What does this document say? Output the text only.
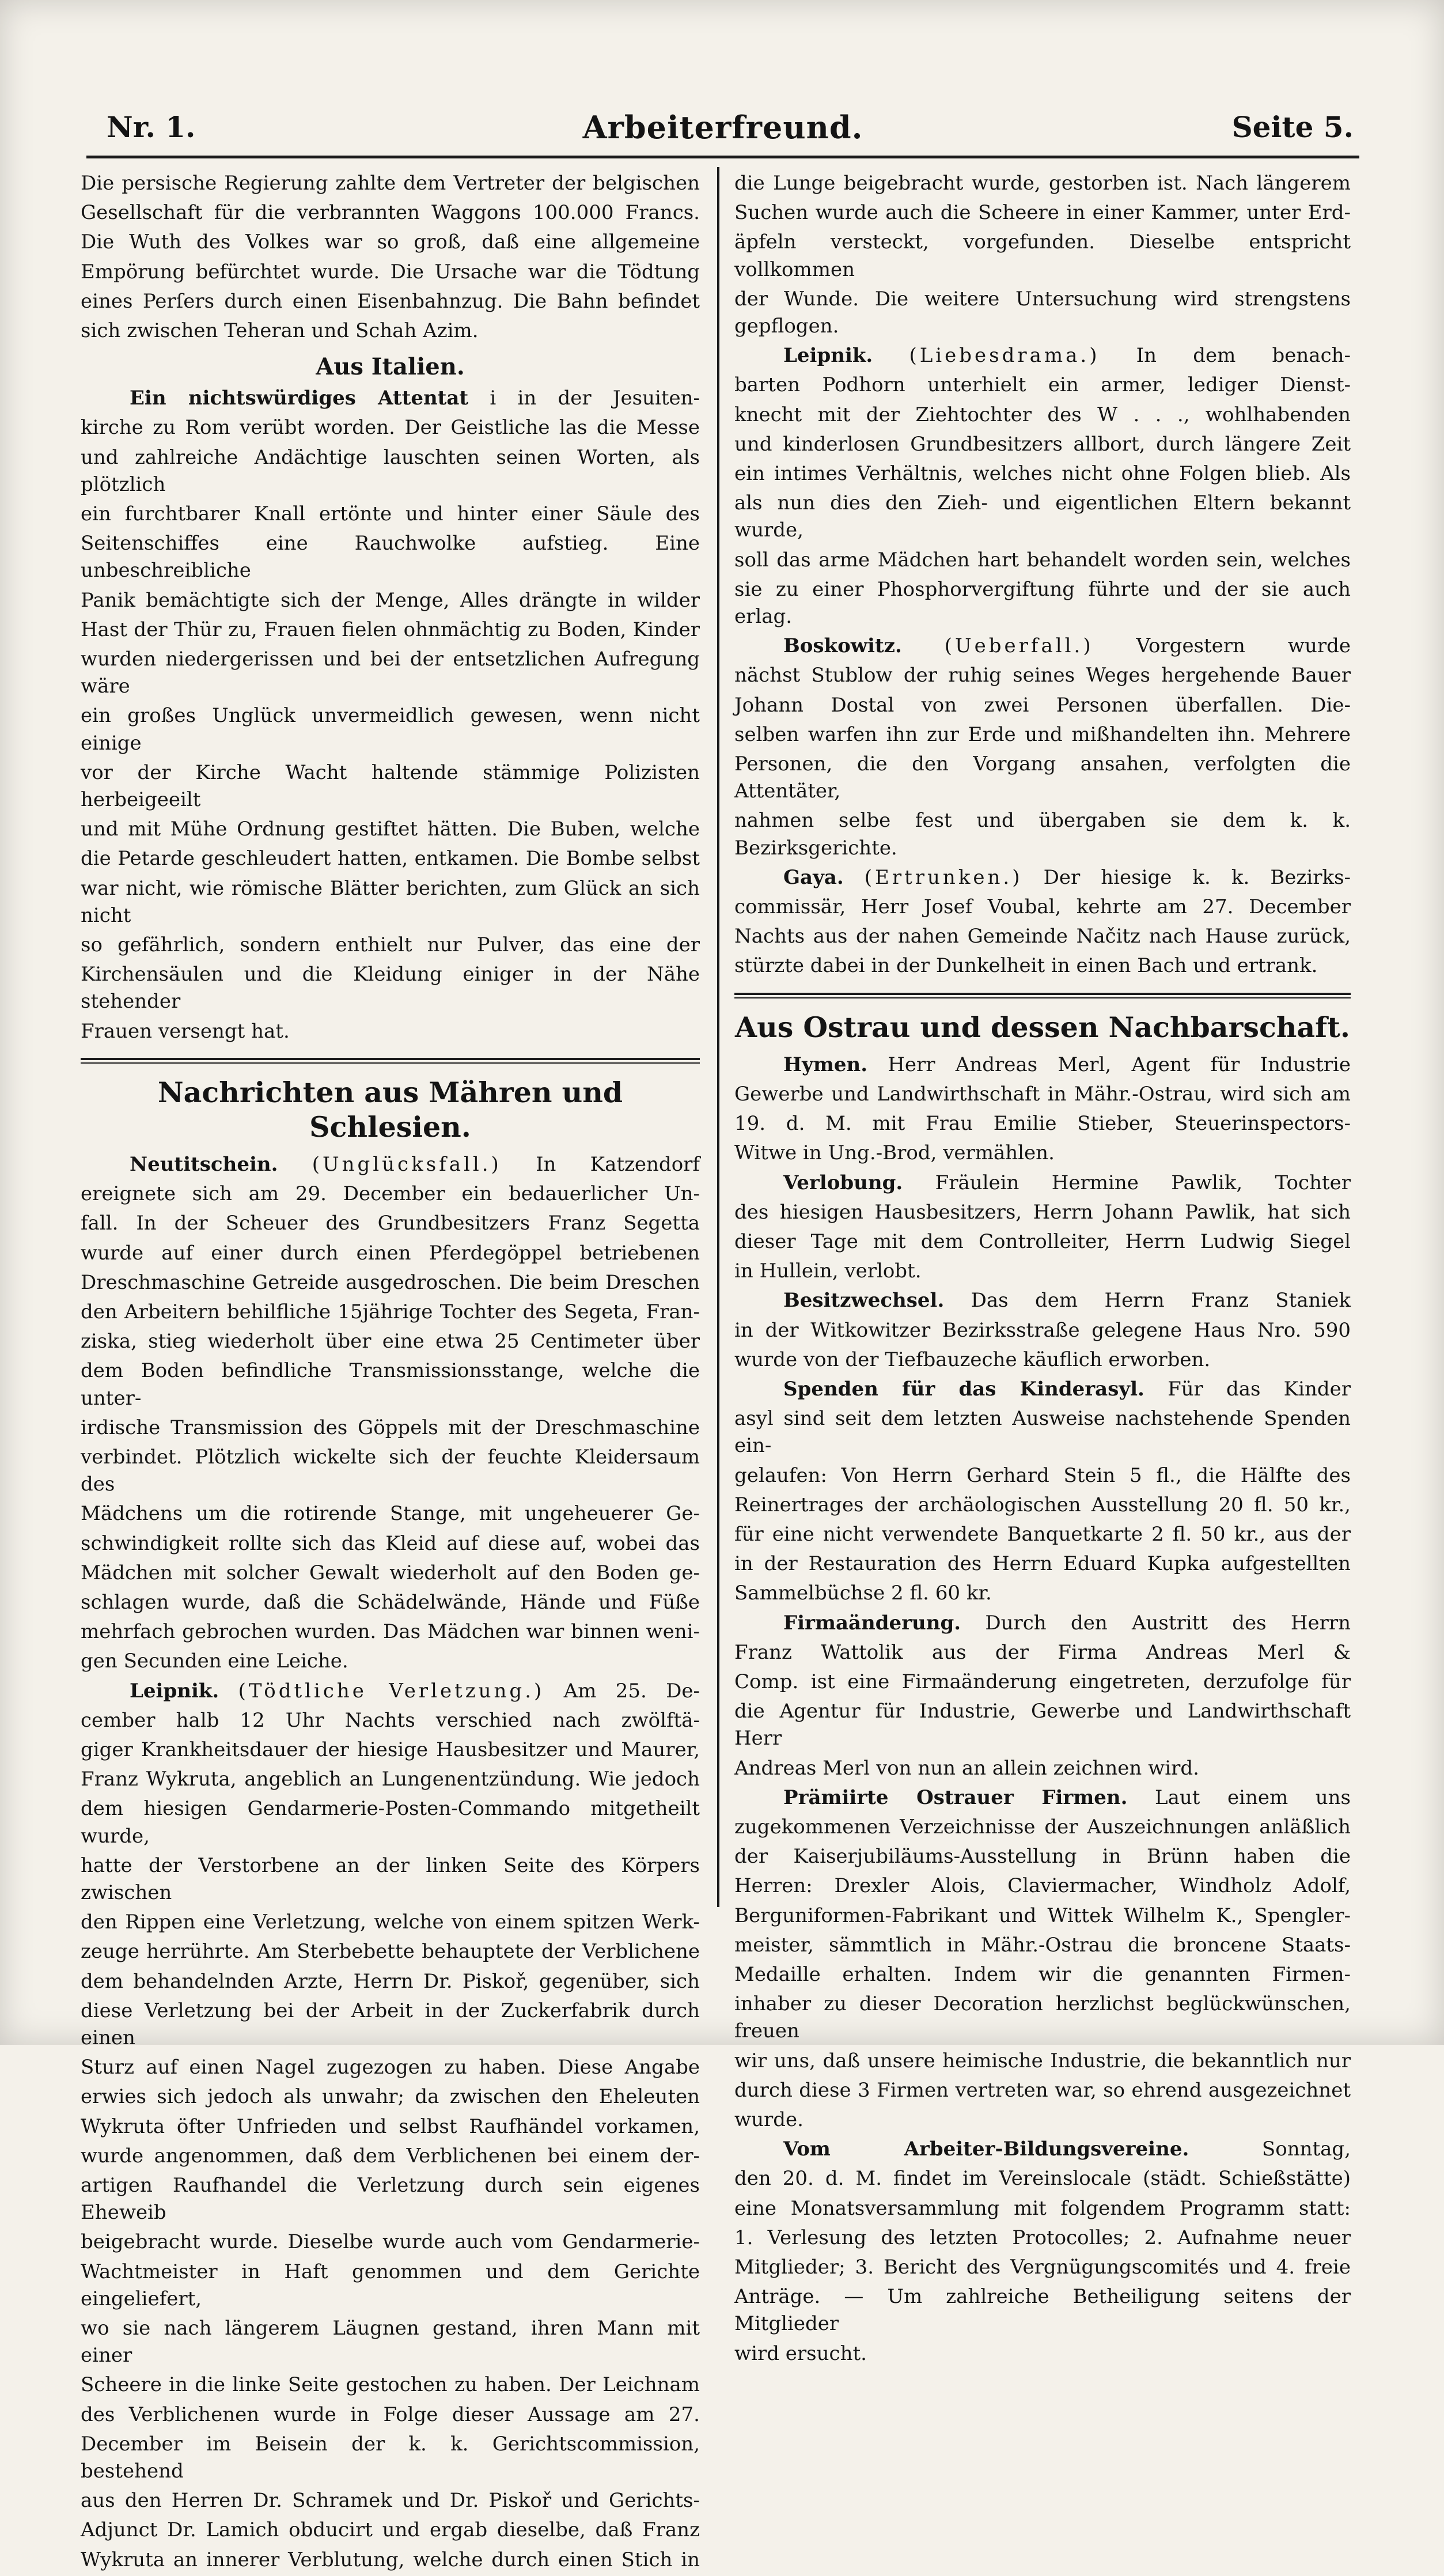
Nr. 1.	Arbeiterfreund.	Seite 5.

Die persische Regierung zahlte dem Vertreter der belgischen

Gesellschaft für die verbrannten Waggons 100.000 Francs.

Die Wuth des Volkes war so groß, daß eine allgemeine

Empörung befürchtet wurde. Die Ursache war die Tödtung

eines Perſers durch einen Eisenbahnzug. Die Bahn befindet

sich zwischen Teheran und Schah Azim.

Aus Italien.

Ein nichtswürdiges Attentat i in der Jesuiten-

kirche zu Rom verübt worden. Der Geistliche las die Messe

und zahlreiche Andächtige lauschten seinen Worten, als plötzlich

ein furchtbarer Knall ertönte und hinter einer Säule des

Seitenschiffes eine Rauchwolke aufstieg. Eine unbeschreibliche

Panik bemächtigte sich der Menge, Alles drängte in wilder

Hast der Thür zu, Frauen fielen ohnmächtig zu Boden, Kinder

wurden niedergerissen und bei der entsetzlichen Aufregung wäre

ein großes Unglück unvermeidlich gewesen, wenn nicht einige

vor der Kirche Wacht haltende stämmige Polizisten herbeigeeilt

und mit Mühe Ordnung gestiftet hätten. Die Buben, welche

die Petarde geschleudert hatten, entkamen. Die Bombe selbst

war nicht, wie römische Blätter berichten, zum Glück an sich nicht

so gefährlich, sondern enthielt nur Pulver, das eine der

Kirchensäulen und die Kleidung einiger in der Nähe stehender

Frauen versengt hat.

Nachrichten aus Mähren und Schlesien.

Neutitschein. (Unglücksfall.) In Katzendorf

ereignete sich am 29. December ein bedauerlicher Un-

fall. In der Scheuer des Grundbesitzers Franz Segetta

wurde auf einer durch einen Pferdegöppel betriebenen

Dreschmaschine Getreide ausgedroschen. Die beim Dreschen

den Arbeitern behilfliche 15jährige Tochter des Segeta, Fran-

ziska, stieg wiederholt über eine etwa 25 Centimeter über

dem Boden befindliche Transmissionsstange, welche die unter-

irdische Transmission des Göppels mit der Dreschmaschine

verbindet. Plötzlich wickelte sich der feuchte Kleidersaum des

Mädchens um die rotirende Stange, mit ungeheuerer Ge-

schwindigkeit rollte sich das Kleid auf diese auf, wobei das

Mädchen mit solcher Gewalt wiederholt auf den Boden ge-

schlagen wurde, daß die Schädelwände, Hände und Füße

mehrfach gebrochen wurden. Das Mädchen war binnen weni-

gen Secunden eine Leiche.

Leipnik. (Tödtliche Verletzung.) Am 25. De-

cember halb 12 Uhr Nachts verschied nach zwölftä-

giger Krankheitsdauer der hiesige Hausbesitzer und Maurer,

Franz Wykruta, angeblich an Lungenentzündung. Wie jedoch

dem hiesigen Gendarmerie-Posten-Commando mitgetheilt wurde,

hatte der Verstorbene an der linken Seite des Körpers zwischen

den Rippen eine Verletzung, welche von einem spitzen Werk-

zeuge herrührte. Am Sterbebette behauptete der Verblichene

dem behandelnden Arzte, Herrn Dr. Piskoř, gegenüber, sich

diese Verletzung bei der Arbeit in der Zuckerfabrik durch einen

Sturz auf einen Nagel zugezogen zu haben. Diese Angabe

erwies sich jedoch als unwahr; da zwischen den Eheleuten

Wykruta öfter Unfrieden und selbst Raufhändel vorkamen,

wurde angenommen, daß dem Verblichenen bei einem der-

artigen Raufhandel die Verletzung durch sein eigenes Eheweib

beigebracht wurde. Dieselbe wurde auch vom Gendarmerie-

Wachtmeister in Haft genommen und dem Gerichte eingeliefert,

wo sie nach längerem Läugnen gestand, ihren Mann mit einer

Scheere in die linke Seite gestochen zu haben. Der Leichnam

des Verblichenen wurde in Folge dieser Aussage am 27.

December im Beisein der k. k. Gerichtscommission, bestehend

aus den Herren Dr. Schramek und Dr. Piskoř und Gerichts-

Adjunct Dr. Lamich obducirt und ergab dieselbe, daß Franz

Wykruta an innerer Verblutung, welche durch einen Stich in

die Lunge beigebracht wurde, gestorben ist. Nach längerem

Suchen wurde auch die Scheere in einer Kammer, unter Erd-

äpfeln versteckt, vorgefunden. Dieselbe entspricht vollkommen

der Wunde. Die weitere Untersuchung wird strengstens gepflogen.

Leipnik. (Liebesdrama.) In dem benach-

barten Podhorn unterhielt ein armer, lediger Dienst-

knecht mit der Ziehtochter des W . . ., wohlhabenden

und kinderlosen Grundbesitzers allbort, durch längere Zeit

ein intimes Verhältnis, welches nicht ohne Folgen blieb. Als

als nun dies den Zieh- und eigentlichen Eltern bekannt wurde,

soll das arme Mädchen hart behandelt worden sein, welches

sie zu einer Phosphorvergiftung führte und der sie auch erlag.

Boskowitz. (Ueberfall.) Vorgestern wurde

nächst Stublow der ruhig seines Weges hergehende Bauer

Johann Dostal von zwei Personen überfallen. Die-

selben warfen ihn zur Erde und mißhandelten ihn. Mehrere

Personen, die den Vorgang ansahen, verfolgten die Attentäter,

nahmen selbe fest und übergaben sie dem k. k. Bezirksgerichte.

Gaya. (Ertrunken.) Der hiesige k. k. Bezirks-

commissär, Herr Josef Voubal, kehrte am 27. December

Nachts aus der nahen Gemeinde Načitz nach Hause zurück,

stürzte dabei in der Dunkelheit in einen Bach und ertrank.

Aus Ostrau und dessen Nachbarschaft.

Hymen. Herr Andreas Merl, Agent für Industrie

Gewerbe und Landwirthschaft in Mähr.-Ostrau, wird sich am

19. d. M. mit Frau Emilie Stieber, Steuerinspectors-

Witwe in Ung.-Brod, vermählen.

Verlobung. Fräulein Hermine Pawlik, Tochter

des hiesigen Hausbesitzers, Herrn Johann Pawlik, hat sich

dieser Tage mit dem Controlleiter, Herrn Ludwig Siegel

in Hullein, verlobt.

Besitzwechsel. Das dem Herrn Franz Staniek

in der Witkowitzer Bezirksstraße gelegene Haus Nro. 590

wurde von der Tiefbauzeche käuflich erworben.

Spenden für das Kinderasyl. Für das Kinder

asyl sind seit dem letzten Ausweise nachstehende Spenden ein-

gelaufen: Von Herrn Gerhard Stein 5 fl., die Hälfte des

Reinertrages der archäologischen Ausstellung 20 fl. 50 kr.,

für eine nicht verwendete Banquetkarte 2 fl. 50 kr., aus der

in der Restauration des Herrn Eduard Kupka aufgestellten

Sammelbüchse 2 fl. 60 kr.

Firmaänderung. Durch den Austritt des Herrn

Franz Wattolik aus der Firma Andreas Merl &

Comp. ist eine Firmaänderung eingetreten, derzufolge für

die Agentur für Industrie, Gewerbe und Landwirthschaft Herr

Andreas Merl von nun an allein zeichnen wird.

Prämiirte Ostrauer Firmen. Laut einem uns

zugekommenen Verzeichnisse der Auszeichnungen anläßlich

der Kaiserjubiläums-Ausstellung in Brünn haben die

Herren: Drexler Alois, Claviermacher, Windholz Adolf,

Berguniformen-Fabrikant und Wittek Wilhelm K., Spengler-

meister, sämmtlich in Mähr.-Ostrau die broncene Staats-

Medaille erhalten. Indem wir die genannten Firmen-

inhaber zu dieser Decoration herzlichst beglückwünschen, freuen

wir uns, daß unsere heimische Industrie, die bekanntlich nur

durch diese 3 Firmen vertreten war, so ehrend ausgezeichnet

wurde.

Vom Arbeiter-Bildungsvereine. Sonntag,

den 20. d. M. findet im Vereinslocale (städt. Schießstätte)

eine Monatsversammlung mit folgendem Programm statt:

1. Verlesung des letzten Protocolles; 2. Aufnahme neuer

Mitglieder; 3. Bericht des Vergnügungscomités und 4. freie

Anträge. — Um zahlreiche Betheiligung seitens der Mitglieder

wird ersucht.
